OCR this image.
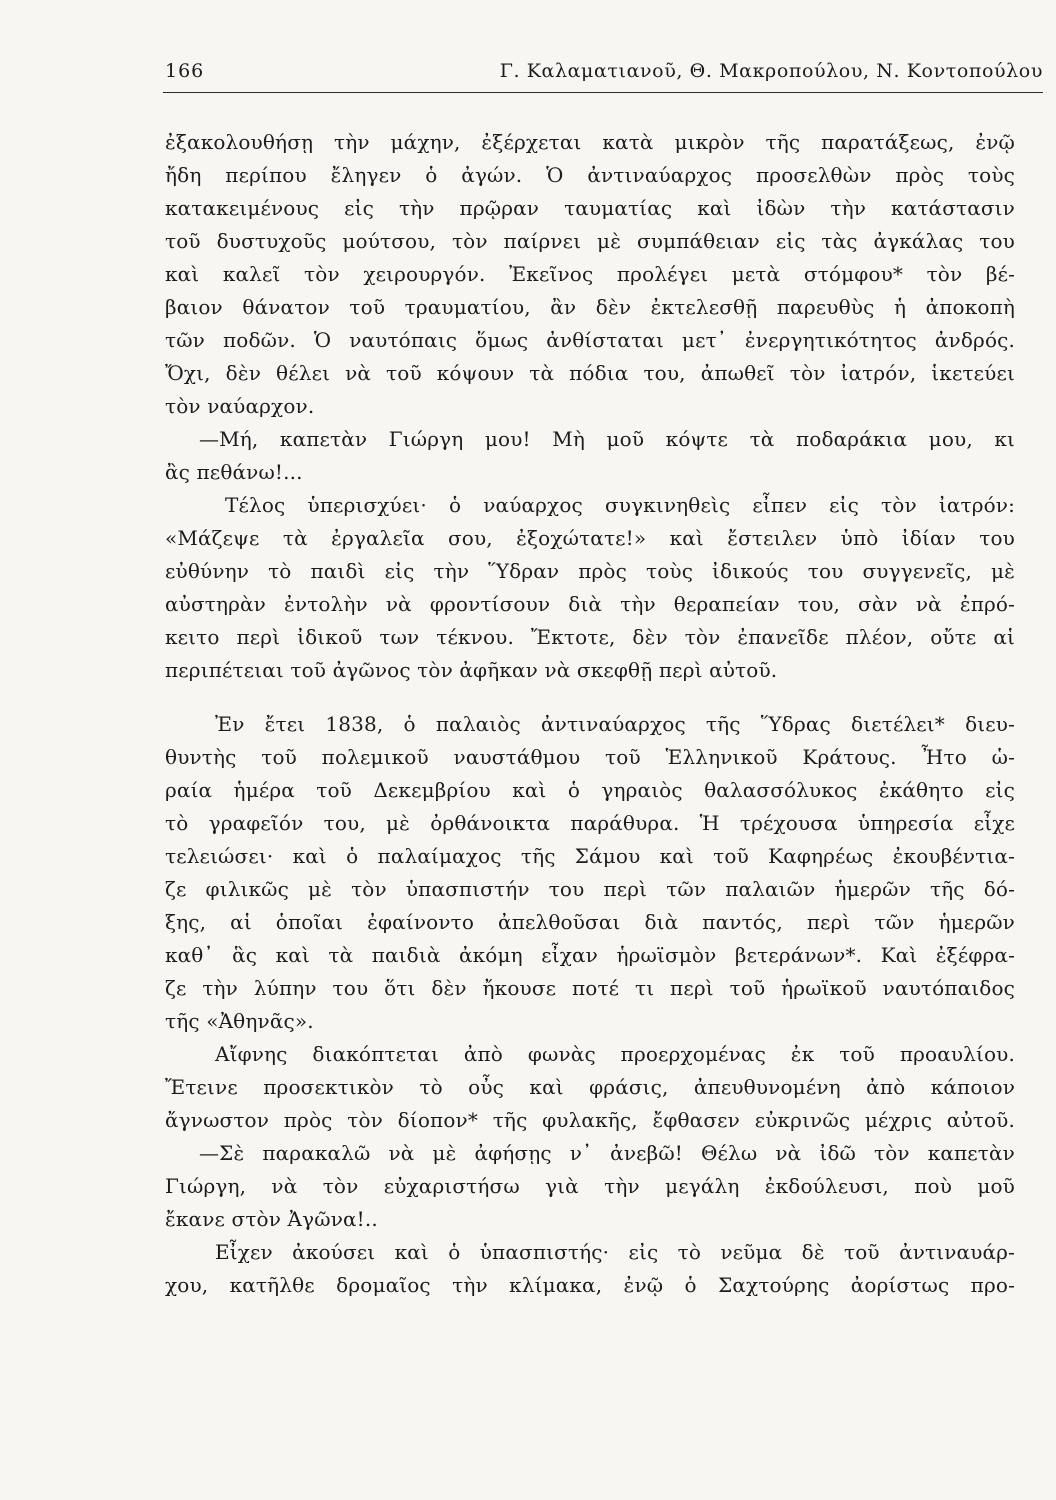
166	Γ. Καλαματιανοῦ, Θ. Μακροπούλου, Ν. Κοντοπούλου
ἐξακολουθήσῃ τὴν μάχην, ἐξέρχεται κατὰ μικρὸν τῆς παρατάξεως, ἐνῷ
ἤδη περίπου ἔληγεν ὁ ἀγών. Ὁ ἀντιναύαρχος προσελθὼν πρὸς τοὺς
κατακειμένους εἰς τὴν πρῷραν ταυματίας καὶ ἰδὼν τὴν κατάστασιν
τοῦ δυστυχοῦς μούτσου, τὸν παίρνει μὲ συμπάθειαν εἰς τὰς ἀγκάλας του
καὶ καλεῖ τὸν χειρουργόν. Ἐκεῖνος προλέγει μετὰ στόμφου* τὸν βέ-
βαιον θάνατον τοῦ τραυματίου, ἂν δὲν ἐκτελεσθῇ παρευθὺς ἡ ἀποκοπὴ
τῶν ποδῶν. Ὁ ναυτόπαις ὅμως ἀνθίσταται μετ᾽ ἐνεργητικότητος ἀνδρός.
Ὄχι, δὲν θέλει νὰ τοῦ κόψουν τὰ πόδια του, ἀπωθεῖ τὸν ἰατρόν, ἱκετεύει
τὸν ναύαρχον.
—Μή, καπετὰν Γιώργη μου! Μὴ μοῦ κόψτε τὰ ποδαράκια μου, κι
ἂς πεθάνω!...
Τέλος ὑπερισχύει· ὁ ναύαρχος συγκινηθεὶς εἶπεν εἰς τὸν ἰατρόν:
«Μάζεψε τὰ ἐργαλεῖα σου, ἐξοχώτατε!» καὶ ἔστειλεν ὑπὸ ἰδίαν του
εὐθύνην τὸ παιδὶ εἰς τὴν Ὕδραν πρὸς τοὺς ἰδικούς του συγγενεῖς, μὲ
αὐστηρὰν ἐντολὴν νὰ φροντίσουν διὰ τὴν θεραπείαν του, σὰν νὰ ἐπρό-
κειτο περὶ ἰδικοῦ των τέκνου. Ἔκτοτε, δὲν τὸν ἐπανεῖδε πλέον, οὔτε αἱ
περιπέτειαι τοῦ ἀγῶνος τὸν ἀφῆκαν νὰ σκεφθῇ περὶ αὐτοῦ.
Ἐν ἔτει 1838, ὁ παλαιὸς ἀντιναύαρχος τῆς Ὕδρας διετέλει* διευ-
θυντὴς τοῦ πολεμικοῦ ναυστάθμου τοῦ Ἑλληνικοῦ Κράτους. Ἦτο ὡ-
ραία ἡμέρα τοῦ Δεκεμβρίου καὶ ὁ γηραιὸς θαλασσόλυκος ἐκάθητο εἰς
τὸ γραφεῖόν του, μὲ ὀρθάνοικτα παράθυρα. Ἡ τρέχουσα ὑπηρεσία εἶχε
τελειώσει· καὶ ὁ παλαίμαχος τῆς Σάμου καὶ τοῦ Καφηρέως ἐκουβέντια-
ζε φιλικῶς μὲ τὸν ὑπασπιστήν του περὶ τῶν παλαιῶν ἡμερῶν τῆς δό-
ξης, αἱ ὁποῖαι ἐφαίνοντο ἀπελθοῦσαι διὰ παντός, περὶ τῶν ἡμερῶν
καθ᾽ ἃς καὶ τὰ παιδιὰ ἀκόμη εἶχαν ἡρωϊσμὸν βετεράνων*. Καὶ ἐξέφρα-
ζε τὴν λύπην του ὅτι δὲν ἤκουσε ποτέ τι περὶ τοῦ ἡρωϊκοῦ ναυτόπαιδος
τῆς «Ἀθηνᾶς».
Αἴφνης διακόπτεται ἀπὸ φωνὰς προερχομένας ἐκ τοῦ προαυλίου.
Ἔτεινε προσεκτικὸν τὸ οὖς καὶ φράσις, ἀπευθυνομένη ἀπὸ κάποιον
ἄγνωστον πρὸς τὸν δίοπον* τῆς φυλακῆς, ἔφθασεν εὐκρινῶς μέχρις αὐτοῦ.
—Σὲ παρακαλῶ νὰ μὲ ἀφήσῃς ν᾽ ἀνεβῶ! Θέλω νὰ ἰδῶ τὸν καπετὰν
Γιώργη, νὰ τὸν εὐχαριστήσω γιὰ τὴν μεγάλη ἐκδούλευσι, ποὺ μοῦ
ἔκανε στὸν Ἀγῶνα!..
Εἶχεν ἀκούσει καὶ ὁ ὑπασπιστής· εἰς τὸ νεῦμα δὲ τοῦ ἀντιναυάρ-
χου, κατῆλθε δρομαῖος τὴν κλίμακα, ἐνῷ ὁ Σαχτούρης ἀορίστως προ-
